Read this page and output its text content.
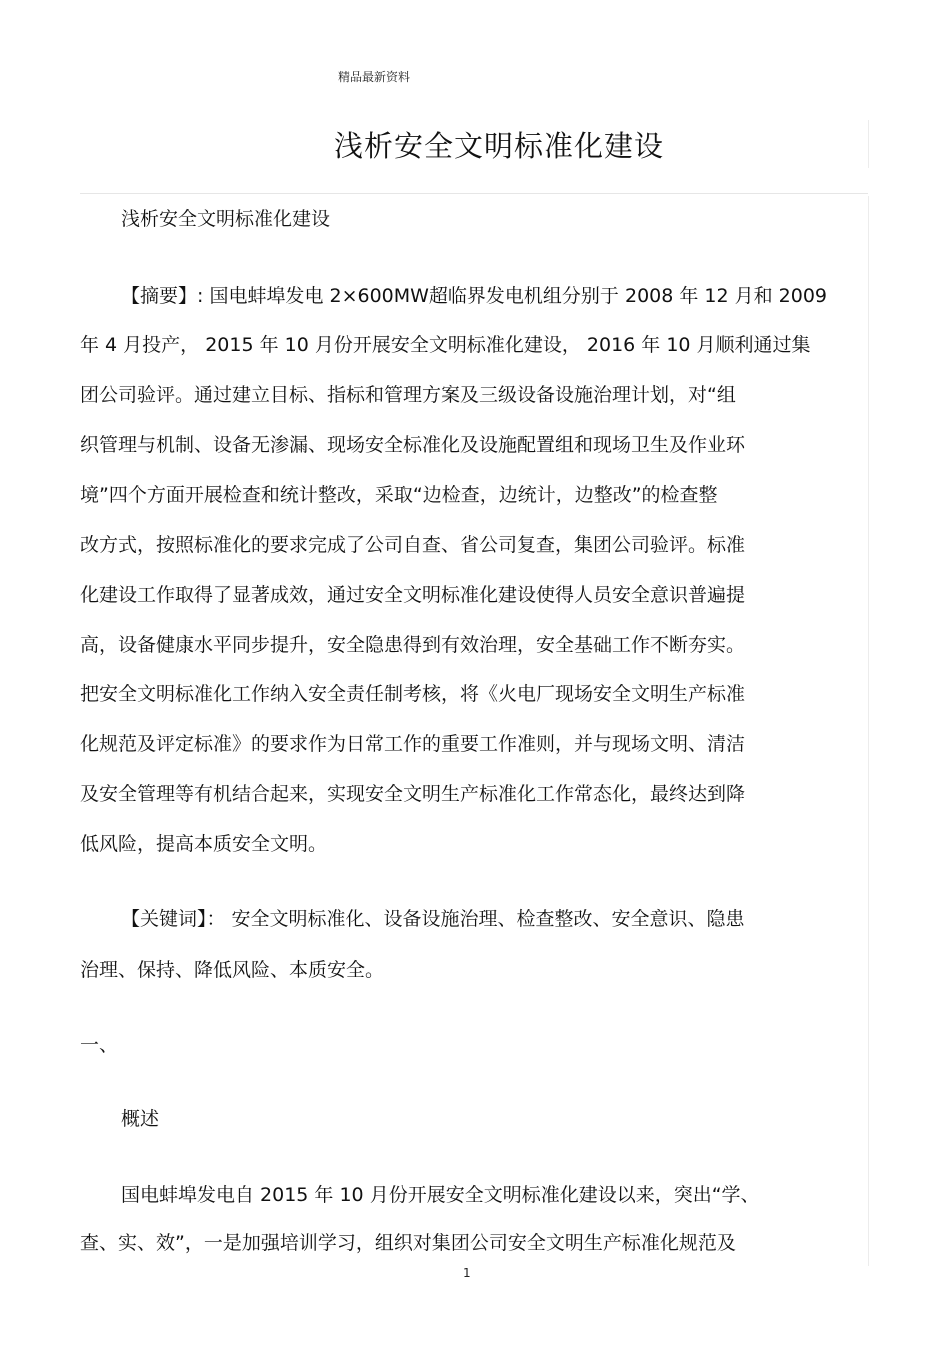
精品最新资料
浅析安全文明标准化建设
浅析安全文明标准化建设
【摘要】: 国电蚌埠发电 2×600MW超临界发电机组分别于 2008 年 12 月和 2009
年 4 月投产， 2015 年 10 月份开展安全文明标准化建设， 2016 年 10 月顺利通过集
团公司验评。通过建立目标、指标和管理方案及三级设备设施治理计划，对“组
织管理与机制、设备无渗漏、现场安全标准化及设施配置组和现场卫生及作业环
境”四个方面开展检查和统计整改，采取“边检查，边统计，边整改”的检查整
改方式，按照标准化的要求完成了公司自查、省公司复查，集团公司验评。标准
化建设工作取得了显著成效，通过安全文明标准化建设使得人员安全意识普遍提
高，设备健康水平同步提升，安全隐患得到有效治理，安全基础工作不断夯实。
把安全文明标准化工作纳入安全责任制考核，将《火电厂现场安全文明生产标准
化规范及评定标准》的要求作为日常工作的重要工作准则，并与现场文明、清洁
及安全管理等有机结合起来，实现安全文明生产标准化工作常态化，最终达到降
低风险，提高本质安全文明。
【关键词】： 安全文明标准化、设备设施治理、检查整改、安全意识、隐患
治理、保持、降低风险、本质安全。
一、
概述
国电蚌埠发电自 2015 年 10 月份开展安全文明标准化建设以来，突出“学、
查、实、效”，一是加强培训学习，组织对集团公司安全文明生产标准化规范及
1
